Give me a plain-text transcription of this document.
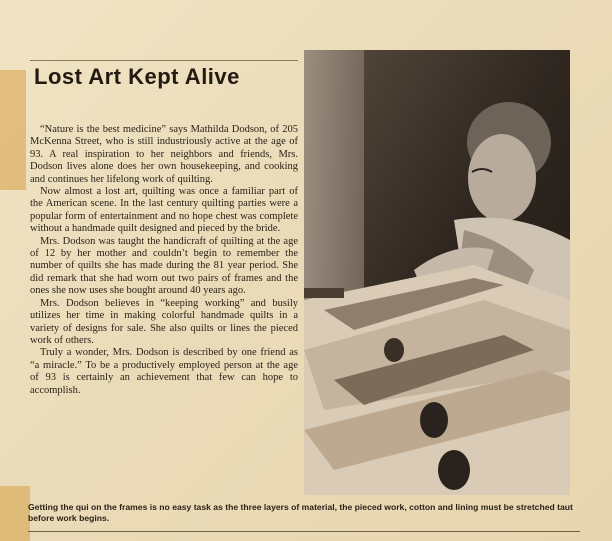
Lost Art Kept Alive

“Nature is the best medicine” says Mathilda Dodson, of 205 McKenna Street, who is still industriously active at the age of 93. A real inspiration to her neighbors and friends, Mrs. Dodson lives alone does her own housekeeping, and cooking and continues her lifelong work of quilting.

Now almost a lost art, quilting was once a familiar part of the American scene. In the last century quilting parties were a popular form of entertainment and no hope chest was complete without a handmade quilt designed and pieced by the bride.

Mrs. Dodson was taught the handicraft of quilting at the age of 12 by her mother and couldn’t begin to remember the number of quilts she has made during the 81 year period. She did remark that she had worn out two pairs of frames and the ones she now uses she bought around 40 years ago.

Mrs. Dodson believes in “keeping working” and busily utilizes her time in making colorful handmade quilts in a variety of designs for sale. She also quilts or lines the pieced work of others.

Truly a wonder, Mrs. Dodson is described by one friend as “a miracle.” To be a productively employed person at the age of 93 is certainly an achievement that few can hope to accomplish.

Getting the qui on the frames is no easy task as the three layers of material, the pieced work, cotton and lining must be stretched taut before work begins.
